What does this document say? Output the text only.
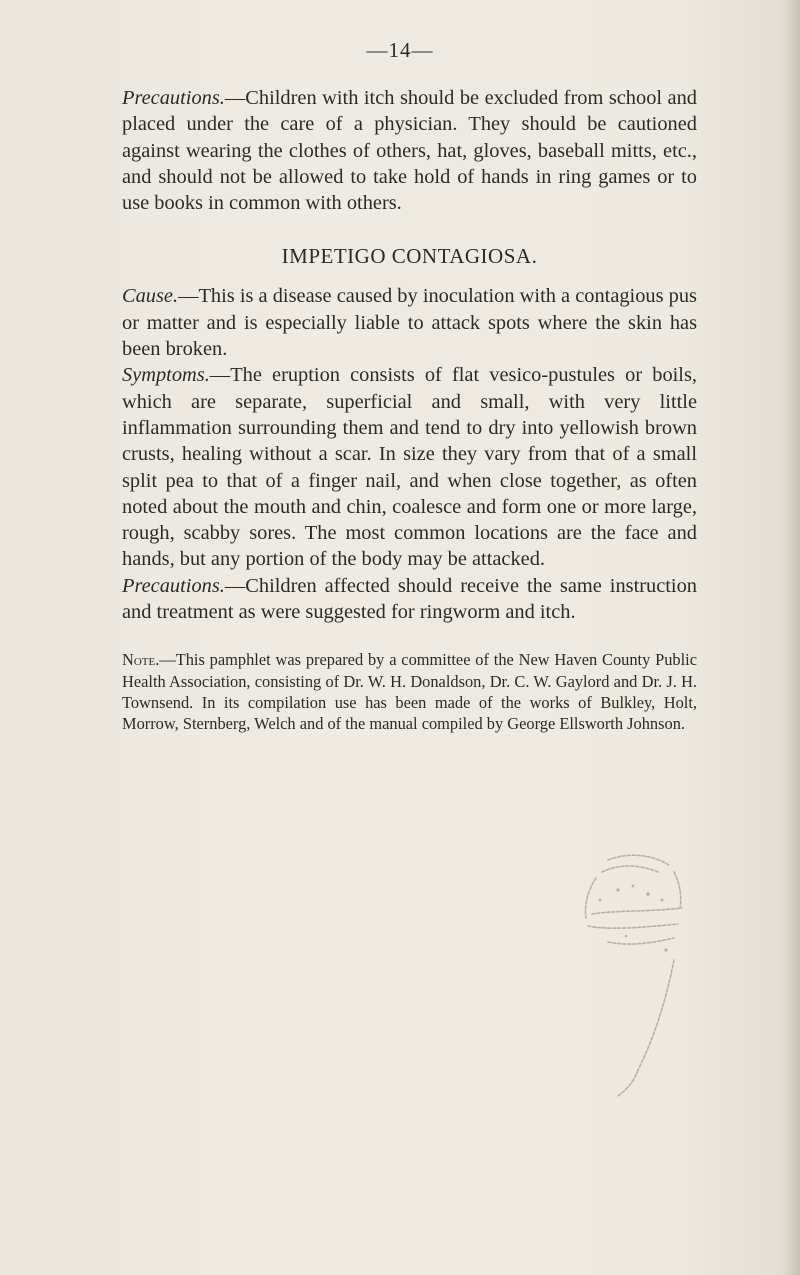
—14—

Precautions.—Children with itch should be excluded from school and placed under the care of a physician. They should be cautioned against wearing the clothes of others, hat, gloves, baseball mitts, etc., and should not be allowed to take hold of hands in ring games or to use books in common with others.

IMPETIGO CONTAGIOSA.

Cause.—This is a disease caused by inoculation with a contagious pus or matter and is especially liable to attack spots where the skin has been broken.

Symptoms.—The eruption consists of flat vesico-pustules or boils, which are separate, superficial and small, with very little inflammation surrounding them and tend to dry into yellowish brown crusts, healing without a scar. In size they vary from that of a small split pea to that of a finger nail, and when close together, as often noted about the mouth and chin, coalesce and form one or more large, rough, scabby sores. The most common locations are the face and hands, but any portion of the body may be attacked.

Precautions.—Children affected should receive the same instruction and treatment as were suggested for ringworm and itch.

Note.—This pamphlet was prepared by a committee of the New Haven County Public Health Association, consisting of Dr. W. H. Donaldson, Dr. C. W. Gaylord and Dr. J. H. Townsend. In its compilation use has been made of the works of Bulkley, Holt, Morrow, Sternberg, Welch and of the manual compiled by George Ellsworth Johnson.
